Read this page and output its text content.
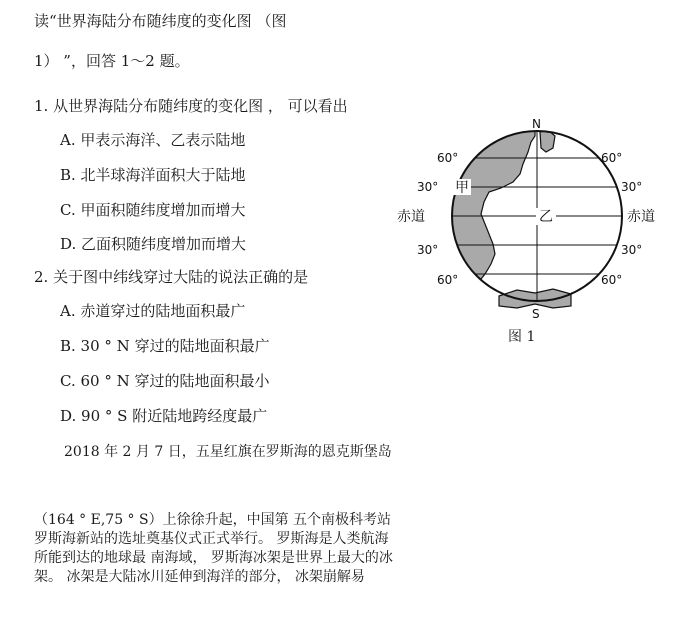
读“世界海陆分布随纬度的变化图 （图
1） ”，回答 1～2 题。
1. 从世界海陆分布随纬度的变化图 ， 可以看出
A. 甲表示海洋、乙表示陆地
B. 北半球海洋面积大于陆地
C. 甲面积随纬度增加而增大
D. 乙面积随纬度增加而增大
2. 关于图中纬线穿过大陆的说法正确的是
A. 赤道穿过的陆地面积最广
B. 30 ° N 穿过的陆地面积最广
C. 60 ° N 穿过的陆地面积最小
D. 90 ° S 附近陆地跨经度最广
2018 年 2 月 7 日，五星红旗在罗斯海的恩克斯堡岛
（164 ° E,75 ° S）上徐徐升起，中国第 五个南极科考站罗斯海新站的选址奠基仪式正式举行。 罗斯海是人类航海所能到达的地球最 南海域， 罗斯海冰架是世界上最大的冰架。 冰架是大陆冰川延伸到海洋的部分， 冰架崩解易
60°	60°
30°	30°
赤道	赤道
30°	30°
60°	60°
N
S
甲
乙
图 1
